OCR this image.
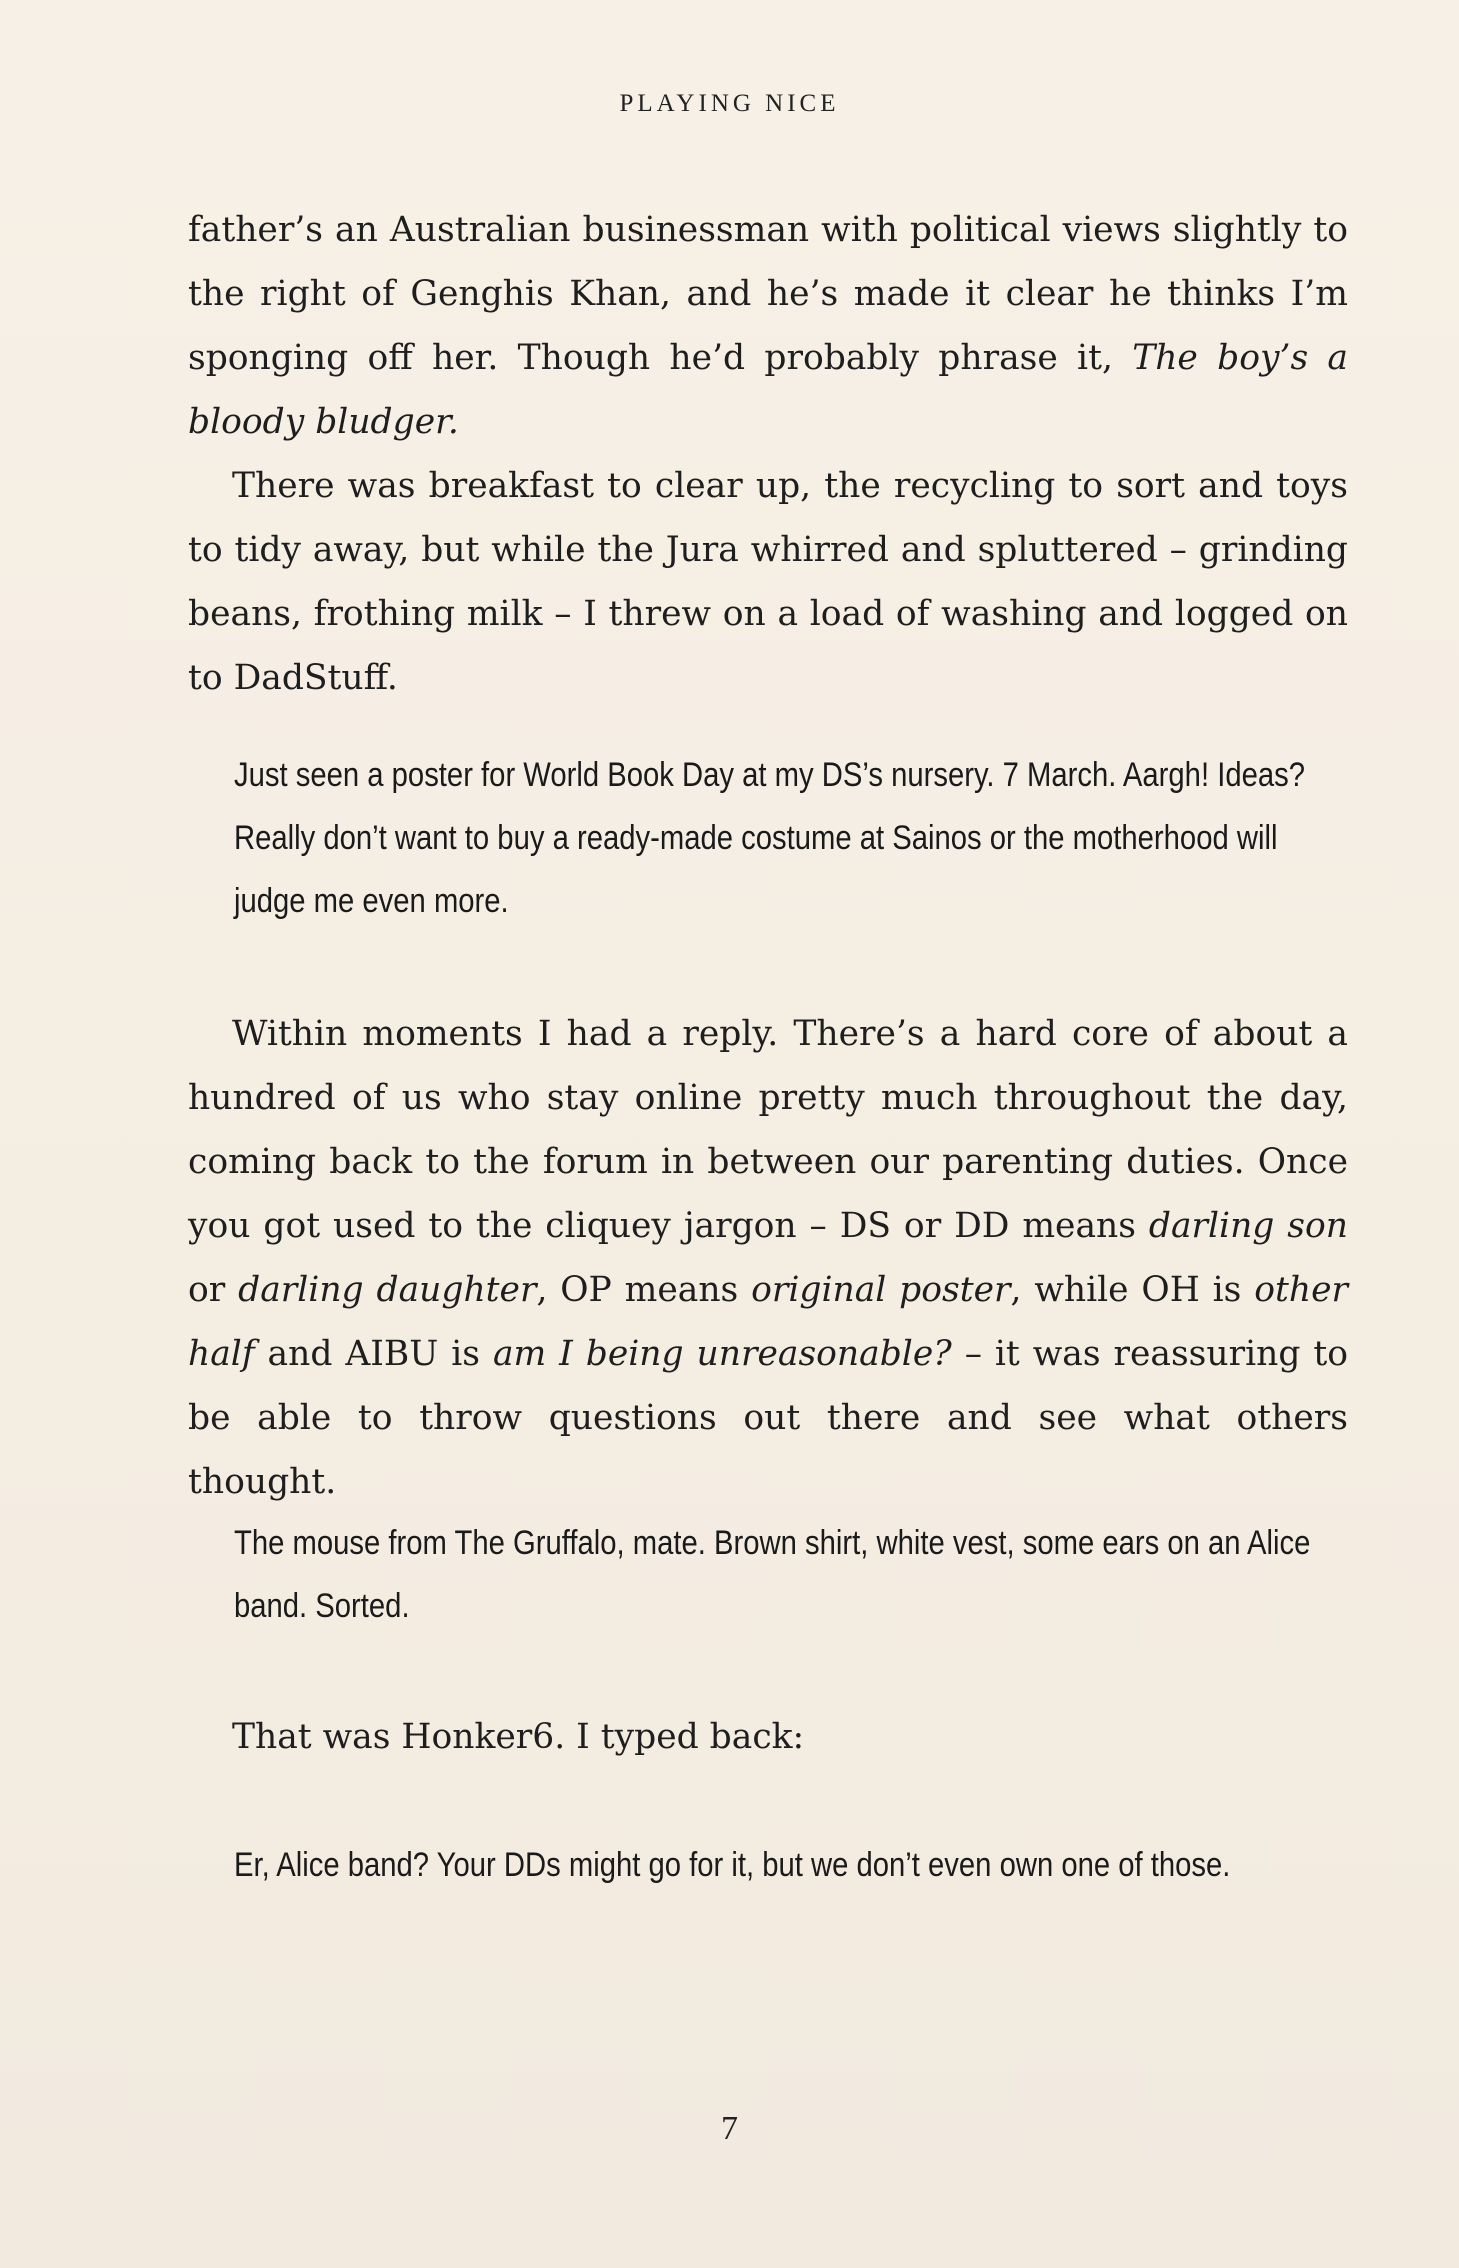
PLAYING NICE

father’s an Australian businessman with political views slightly to the right of Genghis Khan, and he’s made it clear he thinks I’m sponging off her. Though he’d probably phrase it, The boy’s a bloody bludger.

There was breakfast to clear up, the recycling to sort and toys to tidy away, but while the Jura whirred and spluttered – grinding beans, frothing milk – I threw on a load of washing and logged on to DadStuff.

Just seen a poster for World Book Day at my DS’s nursery. 7 March. Aargh! Ideas? Really don’t want to buy a ready-made costume at Sainos or the motherhood will judge me even more.

Within moments I had a reply. There’s a hard core of about a hundred of us who stay online pretty much throughout the day, coming back to the forum in between our parenting duties. Once you got used to the cliquey jargon – DS or DD means darling son or darling daughter, OP means original poster, while OH is other half and AIBU is am I being unreasonable? – it was reassuring to be able to throw questions out there and see what others thought.

The mouse from The Gruffalo, mate. Brown shirt, white vest, some ears on an Alice band. Sorted.

That was Honker6. I typed back:

Er, Alice band? Your DDs might go for it, but we don’t even own one of those.

7
